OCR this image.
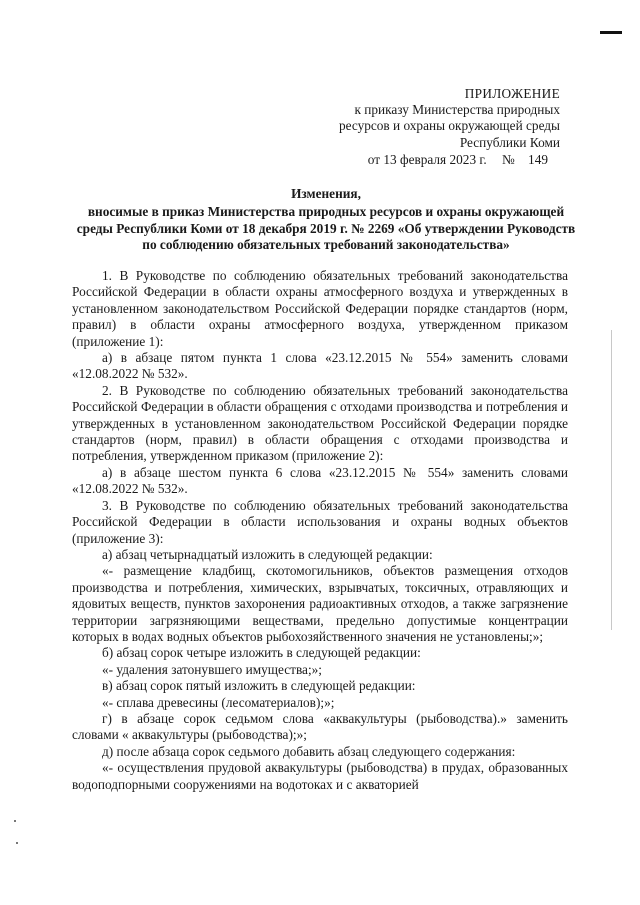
ПРИЛОЖЕНИЕ
к приказу Министерства природных
ресурсов и охраны окружающей среды
Республики Коми
от 13 февраля 2023 г. № 149
Изменения,
вносимые в приказ Министерства природных ресурсов и охраны окружающей среды Республики Коми от 18 декабря 2019 г. № 2269 «Об утверждении Руководств по соблюдению обязательных требований законодательства»

1. В Руководстве по соблюдению обязательных требований законодательства Российской Федерации в области охраны атмосферного воздуха и утвержденных в установленном законодательством Российской Федерации порядке стандартов (норм, правил) в области охраны атмосферного воздуха, утвержденном приказом (приложение 1):

а) в абзаце пятом пункта 1 слова «23.12.2015 № 554» заменить словами «12.08.2022 № 532».

2. В Руководстве по соблюдению обязательных требований законодательства Российской Федерации в области обращения с отходами производства и потребления и утвержденных в установленном законодательством Российской Федерации порядке стандартов (норм, правил) в области обращения с отходами производства и потребления, утвержденном приказом (приложение 2):

а) в абзаце шестом пункта 6 слова «23.12.2015 № 554» заменить словами «12.08.2022 № 532».

3. В Руководстве по соблюдению обязательных требований законодательства Российской Федерации в области использования и охраны водных объектов (приложение 3):

а) абзац четырнадцатый изложить в следующей редакции:

«- размещение кладбищ, скотомогильников, объектов размещения отходов производства и потребления, химических, взрывчатых, токсичных, отравляющих и ядовитых веществ, пунктов захоронения радиоактивных отходов, а также загрязнение территории загрязняющими веществами, предельно допустимые концентрации которых в водах водных объектов рыбохозяйственного значения не установлены;»;

б) абзац сорок четыре изложить в следующей редакции:

«- удаления затонувшего имущества;»;

в) абзац сорок пятый изложить в следующей редакции:

«- сплава древесины (лесоматериалов);»;

г) в абзаце сорок седьмом слова «аквакультуры (рыбоводства).» заменить словами « аквакультуры (рыбоводства);»;

д) после абзаца сорок седьмого добавить абзац следующего содержания:

«- осуществления прудовой аквакультуры (рыбоводства) в прудах, образованных водоподпорными сооружениями на водотоках и с акваторией
